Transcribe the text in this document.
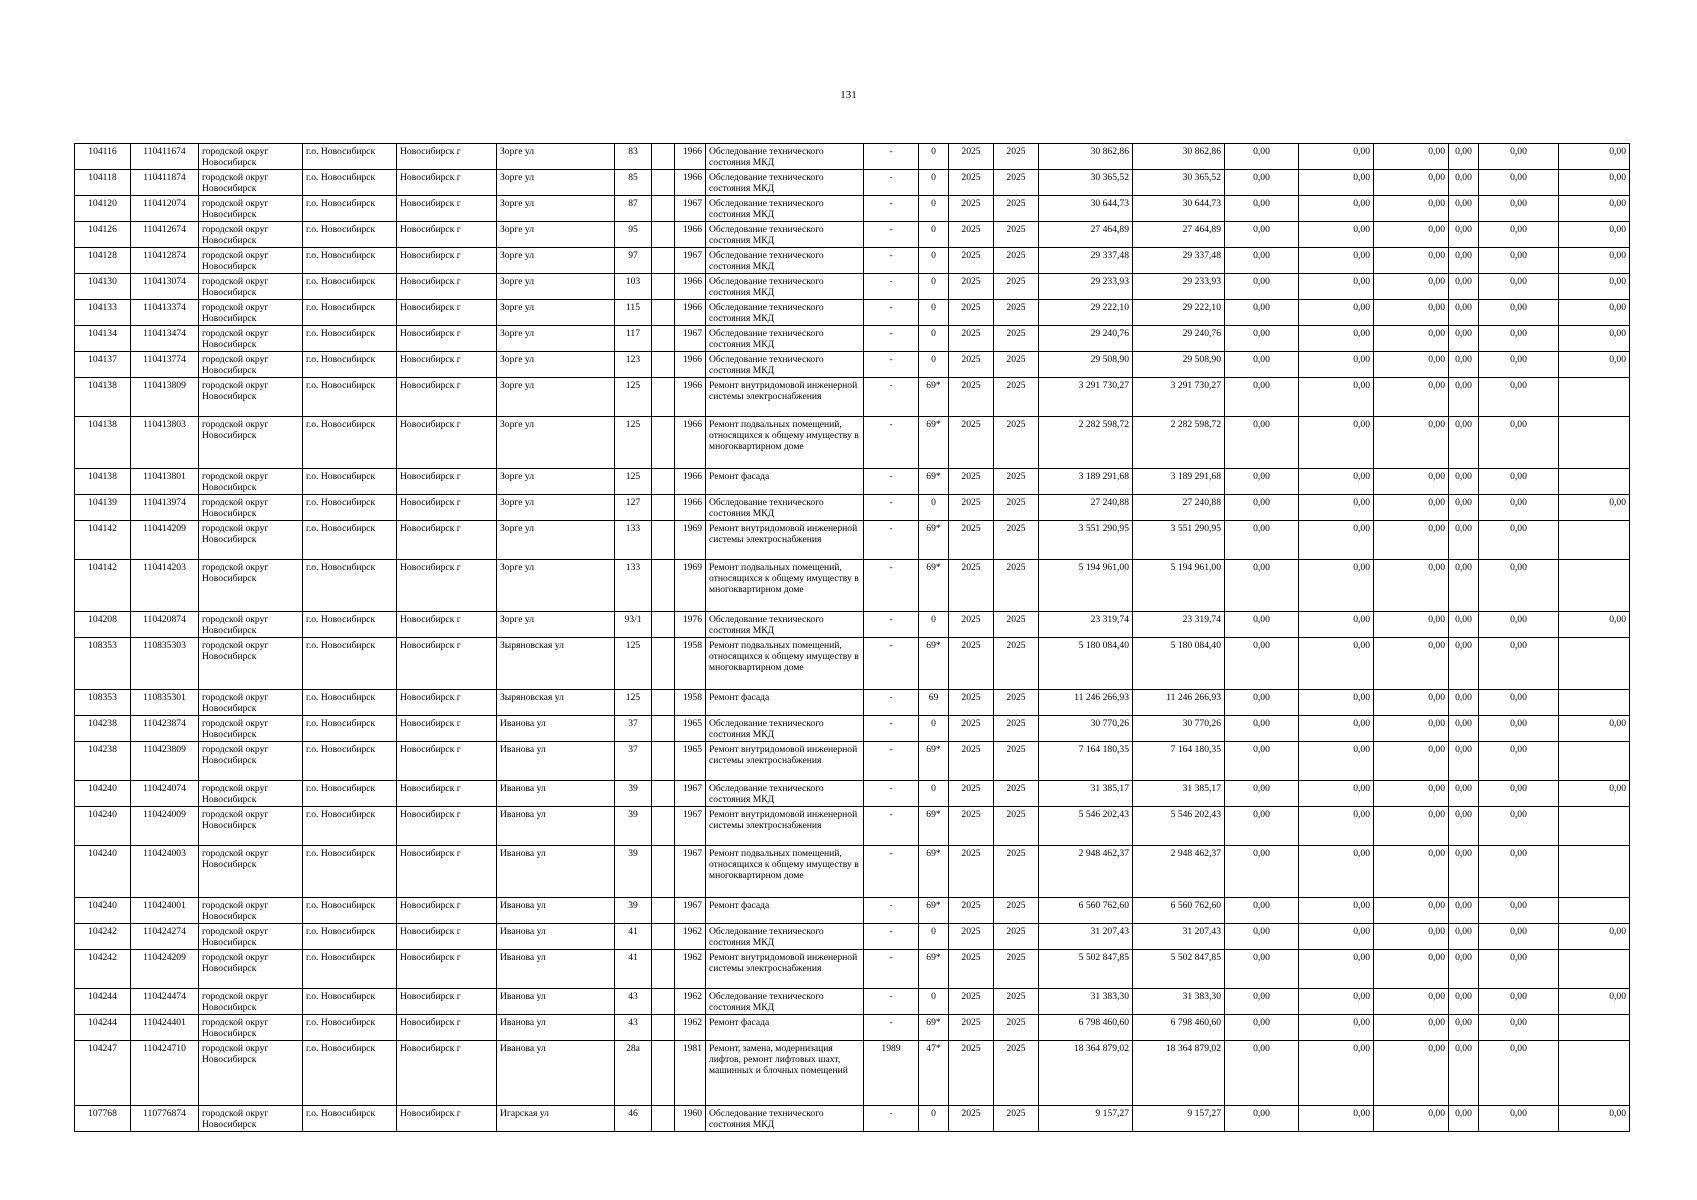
131
104116	110411674	городской округ Новосибирск	г.о. Новосибирск	Новосибирск г	Зорге ул	83		1966	Обследование технического состояния МКД	-	0	2025	2025	30 862,86	30 862,86	0,00	0,00	0,00	0,00	0,00	0,00
104118	110411874	городской округ Новосибирск	г.о. Новосибирск	Новосибирск г	Зорге ул	85		1966	Обследование технического состояния МКД	-	0	2025	2025	30 365,52	30 365,52	0,00	0,00	0,00	0,00	0,00	0,00
104120	110412074	городской округ Новосибирск	г.о. Новосибирск	Новосибирск г	Зорге ул	87		1967	Обследование технического состояния МКД	-	0	2025	2025	30 644,73	30 644,73	0,00	0,00	0,00	0,00	0,00	0,00
104126	110412674	городской округ Новосибирск	г.о. Новосибирск	Новосибирск г	Зорге ул	95		1966	Обследование технического состояния МКД	-	0	2025	2025	27 464,89	27 464,89	0,00	0,00	0,00	0,00	0,00	0,00
104128	110412874	городской округ Новосибирск	г.о. Новосибирск	Новосибирск г	Зорге ул	97		1967	Обследование технического состояния МКД	-	0	2025	2025	29 337,48	29 337,48	0,00	0,00	0,00	0,00	0,00	0,00
104130	110413074	городской округ Новосибирск	г.о. Новосибирск	Новосибирск г	Зорге ул	103		1966	Обследование технического состояния МКД	-	0	2025	2025	29 233,93	29 233,93	0,00	0,00	0,00	0,00	0,00	0,00
104133	110413374	городской округ Новосибирск	г.о. Новосибирск	Новосибирск г	Зорге ул	115		1966	Обследование технического состояния МКД	-	0	2025	2025	29 222,10	29 222,10	0,00	0,00	0,00	0,00	0,00	0,00
104134	110413474	городской округ Новосибирск	г.о. Новосибирск	Новосибирск г	Зорге ул	117		1967	Обследование технического состояния МКД	-	0	2025	2025	29 240,76	29 240,76	0,00	0,00	0,00	0,00	0,00	0,00
104137	110413774	городской округ Новосибирск	г.о. Новосибирск	Новосибирск г	Зорге ул	123		1966	Обследование технического состояния МКД	-	0	2025	2025	29 508,90	29 508,90	0,00	0,00	0,00	0,00	0,00	0,00
104138	110413809	городской округ Новосибирск	г.о. Новосибирск	Новосибирск г	Зорге ул	125		1966	Ремонт внутридомовой инженерной системы электроснабжения	-	69*	2025	2025	3 291 730,27	3 291 730,27	0,00	0,00	0,00	0,00	0,00	
104138	110413803	городской округ Новосибирск	г.о. Новосибирск	Новосибирск г	Зорге ул	125		1966	Ремонт подвальных помещений, относящихся к общему имуществу в многоквартирном доме	-	69*	2025	2025	2 282 598,72	2 282 598,72	0,00	0,00	0,00	0,00	0,00	
104138	110413801	городской округ Новосибирск	г.о. Новосибирск	Новосибирск г	Зорге ул	125		1966	Ремонт фасада	-	69*	2025	2025	3 189 291,68	3 189 291,68	0,00	0,00	0,00	0,00	0,00	
104139	110413974	городской округ Новосибирск	г.о. Новосибирск	Новосибирск г	Зорге ул	127		1966	Обследование технического состояния МКД	-	0	2025	2025	27 240,88	27 240,88	0,00	0,00	0,00	0,00	0,00	0,00
104142	110414209	городской округ Новосибирск	г.о. Новосибирск	Новосибирск г	Зорге ул	133		1969	Ремонт внутридомовой инженерной системы электроснабжения	-	69*	2025	2025	3 551 290,95	3 551 290,95	0,00	0,00	0,00	0,00	0,00	
104142	110414203	городской округ Новосибирск	г.о. Новосибирск	Новосибирск г	Зорге ул	133		1969	Ремонт подвальных помещений, относящихся к общему имуществу в многоквартирном доме	-	69*	2025	2025	5 194 961,00	5 194 961,00	0,00	0,00	0,00	0,00	0,00	
104208	110420874	городской округ Новосибирск	г.о. Новосибирск	Новосибирск г	Зорге ул	93/1		1976	Обследование технического состояния МКД	-	0	2025	2025	23 319,74	23 319,74	0,00	0,00	0,00	0,00	0,00	0,00
108353	110835303	городской округ Новосибирск	г.о. Новосибирск	Новосибирск г	Зыряновская ул	125		1958	Ремонт подвальных помещений, относящихся к общему имуществу в многоквартирном доме	-	69*	2025	2025	5 180 084,40	5 180 084,40	0,00	0,00	0,00	0,00	0,00	
108353	110835301	городской округ Новосибирск	г.о. Новосибирск	Новосибирск г	Зыряновская ул	125		1958	Ремонт фасада	-	69	2025	2025	11 246 266,93	11 246 266,93	0,00	0,00	0,00	0,00	0,00	
104238	110423874	городской округ Новосибирск	г.о. Новосибирск	Новосибирск г	Иванова ул	37		1965	Обследование технического состояния МКД	-	0	2025	2025	30 770,26	30 770,26	0,00	0,00	0,00	0,00	0,00	0,00
104238	110423809	городской округ Новосибирск	г.о. Новосибирск	Новосибирск г	Иванова ул	37		1965	Ремонт внутридомовой инженерной системы электроснабжения	-	69*	2025	2025	7 164 180,35	7 164 180,35	0,00	0,00	0,00	0,00	0,00	
104240	110424074	городской округ Новосибирск	г.о. Новосибирск	Новосибирск г	Иванова ул	39		1967	Обследование технического состояния МКД	-	0	2025	2025	31 385,17	31 385,17	0,00	0,00	0,00	0,00	0,00	0,00
104240	110424009	городской округ Новосибирск	г.о. Новосибирск	Новосибирск г	Иванова ул	39		1967	Ремонт внутридомовой инженерной системы электроснабжения	-	69*	2025	2025	5 546 202,43	5 546 202,43	0,00	0,00	0,00	0,00	0,00	
104240	110424003	городской округ Новосибирск	г.о. Новосибирск	Новосибирск г	Иванова ул	39		1967	Ремонт подвальных помещений, относящихся к общему имуществу в многоквартирном доме	-	69*	2025	2025	2 948 462,37	2 948 462,37	0,00	0,00	0,00	0,00	0,00	
104240	110424001	городской округ Новосибирск	г.о. Новосибирск	Новосибирск г	Иванова ул	39		1967	Ремонт фасада	-	69*	2025	2025	6 560 762,60	6 560 762,60	0,00	0,00	0,00	0,00	0,00	
104242	110424274	городской округ Новосибирск	г.о. Новосибирск	Новосибирск г	Иванова ул	41		1962	Обследование технического состояния МКД	-	0	2025	2025	31 207,43	31 207,43	0,00	0,00	0,00	0,00	0,00	0,00
104242	110424209	городской округ Новосибирск	г.о. Новосибирск	Новосибирск г	Иванова ул	41		1962	Ремонт внутридомовой инженерной системы электроснабжения	-	69*	2025	2025	5 502 847,85	5 502 847,85	0,00	0,00	0,00	0,00	0,00	
104244	110424474	городской округ Новосибирск	г.о. Новосибирск	Новосибирск г	Иванова ул	43		1962	Обследование технического состояния МКД	-	0	2025	2025	31 383,30	31 383,30	0,00	0,00	0,00	0,00	0,00	0,00
104244	110424401	городской округ Новосибирск	г.о. Новосибирск	Новосибирск г	Иванова ул	43		1962	Ремонт фасада	-	69*	2025	2025	6 798 460,60	6 798 460,60	0,00	0,00	0,00	0,00	0,00	
104247	110424710	городской округ Новосибирск	г.о. Новосибирск	Новосибирск г	Иванова ул	28а		1981	Ремонт, замена, модернизация лифтов, ремонт лифтовых шахт, машинных и блочных помещений	1989	47*	2025	2025	18 364 879,02	18 364 879,02	0,00	0,00	0,00	0,00	0,00	
107768	110776874	городской округ Новосибирск	г.о. Новосибирск	Новосибирск г	Игарская ул	46		1960	Обследование технического состояния МКД	-	0	2025	2025	9 157,27	9 157,27	0,00	0,00	0,00	0,00	0,00	0,00
